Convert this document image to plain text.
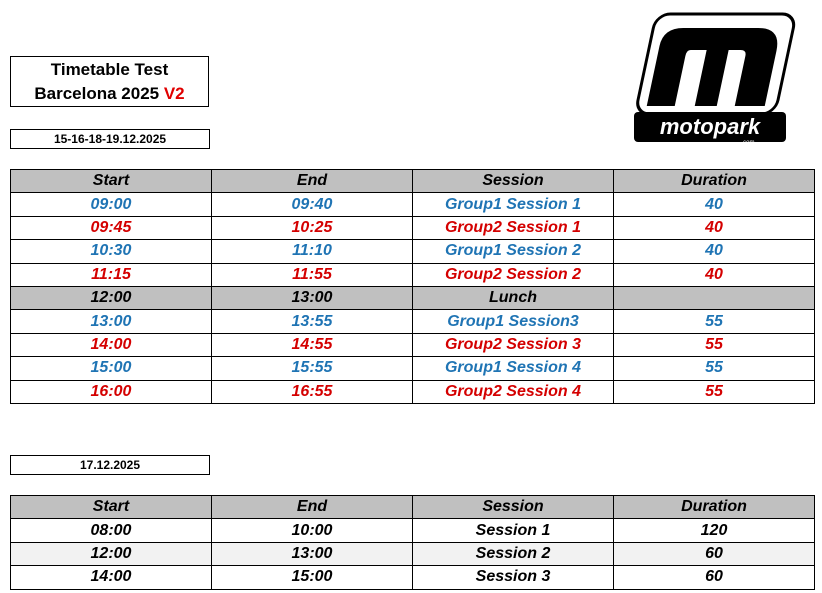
Timetable Test
Barcelona 2025 V2
15-16-18-19.12.2025	motopark
.com
Start	End	Session	Duration
09:00	09:40	Group1 Session 1	40
09:45	10:25	Group2 Session 1	40
10:30	11:10	Group1 Session 2	40
11:15	11:55	Group2 Session 2	40
12:00	13:00	Lunch	
13:00	13:55	Group1 Session3	55
14:00	14:55	Group2 Session 3	55
15:00	15:55	Group1 Session 4	55
16:00	16:55	Group2 Session 4	55
17.12.2025
Start	End	Session	Duration
08:00	10:00	Session 1	120
12:00	13:00	Session 2	60
14:00	15:00	Session 3	60
